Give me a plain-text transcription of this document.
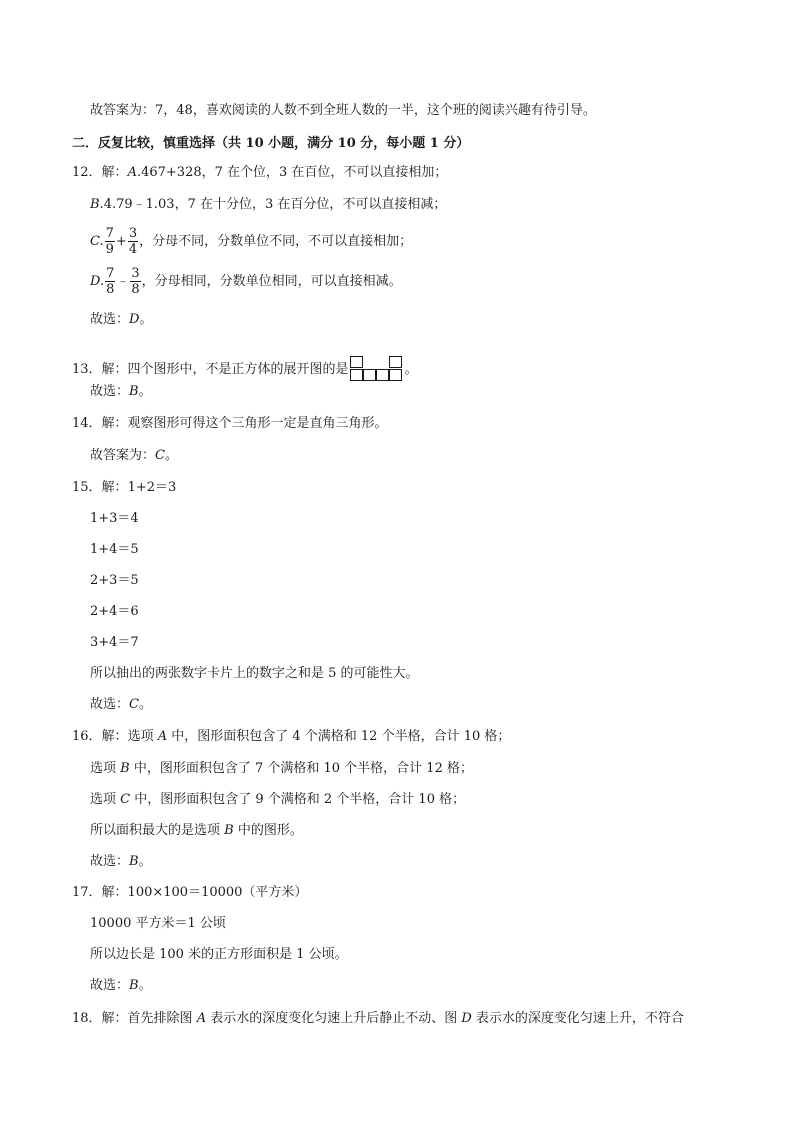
故答案为：7，48，喜欢阅读的人数不到全班人数的一半，这个班的阅读兴趣有待引导。
二．反复比较，慎重选择（共 10 小题，满分 10 分，每小题 1 分）
12．解：A.467+328，7 在个位，3 在百位，不可以直接相加；
B.4.79﹣1.03，7 在十分位，3 在百分位，不可以直接相减；
C. $\frac{7}{9} + \frac{3}{4}$ ，分母不同，分数单位不同，不可以直接相加；
D. $\frac{7}{8}$ ﹣ $\frac{3}{8}$ ，分母相同，分数单位相同，可以直接相减。
故选：D。
13．解：四个图形中，不是正方体的展开图的是	。
故选：B。
14．解：观察图形可得这个三角形一定是直角三角形。
故答案为：C。
15．解：1+2＝3
1+3＝4
1+4＝5
2+3＝5
2+4＝6
3+4＝7
所以抽出的两张数字卡片上的数字之和是 5 的可能性大。
故选：C。
16．解：选项 A 中，图形面积包含了 4 个满格和 12 个半格，合计 10 格；
选项 B 中，图形面积包含了 7 个满格和 10 个半格，合计 12 格；
选项 C 中，图形面积包含了 9 个满格和 2 个半格，合计 10 格；
所以面积最大的是选项 B 中的图形。
故选：B。
17．解：100×100＝10000（平方米）
10000 平方米＝1 公顷
所以边长是 100 米的正方形面积是 1 公顷。
故选：B。
18．解：首先排除图 A 表示水的深度变化匀速上升后静止不动、图 D 表示水的深度变化匀速上升，不符合
